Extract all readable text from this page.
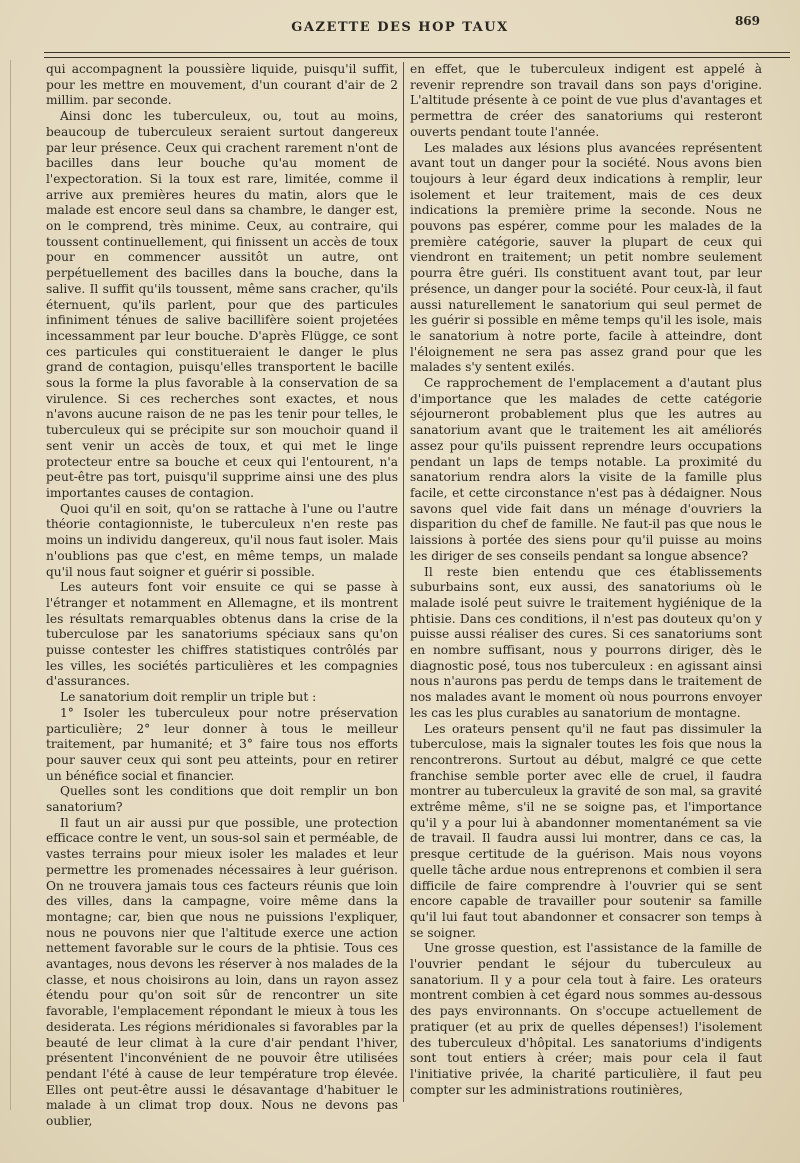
GAZETTE DES HOP TAUX	869

qui accompagnent la poussière liquide, puisqu'il suffit, pour les mettre en mouvement, d'un courant d'air de 2 millim. par seconde.

Ainsi donc les tuberculeux, ou, tout au moins, beaucoup de tuberculeux seraient surtout dangereux par leur présence. Ceux qui crachent rarement n'ont de bacilles dans leur bouche qu'au moment de l'expectoration. Si la toux est rare, limitée, comme il arrive aux premières heures du matin, alors que le malade est encore seul dans sa chambre, le danger est, on le comprend, très minime. Ceux, au contraire, qui toussent continuellement, qui finissent un accès de toux pour en commencer aussitôt un autre, ont perpétuellement des bacilles dans la bouche, dans la salive. Il suffit qu'ils toussent, même sans cracher, qu'ils éternuent, qu'ils parlent, pour que des particules infiniment ténues de salive bacillifère soient projetées incessamment par leur bouche. D'après Flügge, ce sont ces particules qui constitueraient le danger le plus grand de contagion, puisqu'elles transportent le bacille sous la forme la plus favorable à la conservation de sa virulence. Si ces recherches sont exactes, et nous n'avons aucune raison de ne pas les tenir pour telles, le tuberculeux qui se précipite sur son mouchoir quand il sent venir un accès de toux, et qui met le linge protecteur entre sa bouche et ceux qui l'entourent, n'a peut-être pas tort, puisqu'il supprime ainsi une des plus importantes causes de contagion.

Quoi qu'il en soit, qu'on se rattache à l'une ou l'autre théorie contagionniste, le tuberculeux n'en reste pas moins un individu dangereux, qu'il nous faut isoler. Mais n'oublions pas que c'est, en même temps, un malade qu'il nous faut soigner et guérir si possible.

Les auteurs font voir ensuite ce qui se passe à l'étranger et notamment en Allemagne, et ils montrent les résultats remarquables obtenus dans la crise de la tuberculose par les sanatoriums spéciaux sans qu'on puisse contester les chiffres statistiques contrôlés par les villes, les sociétés particulières et les compagnies d'assurances.

Le sanatorium doit remplir un triple but :

1° Isoler les tuberculeux pour notre préservation particulière; 2° leur donner à tous le meilleur traitement, par humanité; et 3° faire tous nos efforts pour sauver ceux qui sont peu atteints, pour en retirer un bénéfice social et financier.

Quelles sont les conditions que doit remplir un bon sanatorium?

Il faut un air aussi pur que possible, une protection efficace contre le vent, un sous-sol sain et perméable, de vastes terrains pour mieux isoler les malades et leur permettre les promenades nécessaires à leur guérison. On ne trouvera jamais tous ces facteurs réunis que loin des villes, dans la campagne, voire même dans la montagne; car, bien que nous ne puissions l'expliquer, nous ne pouvons nier que l'altitude exerce une action nettement favorable sur le cours de la phtisie. Tous ces avantages, nous devons les réserver à nos malades de la classe, et nous choisirons au loin, dans un rayon assez étendu pour qu'on soit sûr de rencontrer un site favorable, l'emplacement répondant le mieux à tous les desiderata. Les régions méridionales si favorables par la beauté de leur climat à la cure d'air pendant l'hiver, présentent l'inconvénient de ne pouvoir être utilisées pendant l'été à cause de leur température trop élevée. Elles ont peut-être aussi le désavantage d'habituer le malade à un climat trop doux. Nous ne devons pas oublier,

en effet, que le tuberculeux indigent est appelé à revenir reprendre son travail dans son pays d'origine. L'altitude présente à ce point de vue plus d'avantages et permettra de créer des sanatoriums qui resteront ouverts pendant toute l'année.

Les malades aux lésions plus avancées représentent avant tout un danger pour la société. Nous avons bien toujours à leur égard deux indications à remplir, leur isolement et leur traitement, mais de ces deux indications la première prime la seconde. Nous ne pouvons pas espérer, comme pour les malades de la première catégorie, sauver la plupart de ceux qui viendront en traitement; un petit nombre seulement pourra être guéri. Ils constituent avant tout, par leur présence, un danger pour la société. Pour ceux-là, il faut aussi naturellement le sanatorium qui seul permet de les guérir si possible en même temps qu'il les isole, mais le sanatorium à notre porte, facile à atteindre, dont l'éloignement ne sera pas assez grand pour que les malades s'y sentent exilés.

Ce rapprochement de l'emplacement a d'autant plus d'importance que les malades de cette catégorie séjourneront probablement plus que les autres au sanatorium avant que le traitement les ait améliorés assez pour qu'ils puissent reprendre leurs occupations pendant un laps de temps notable. La proximité du sanatorium rendra alors la visite de la famille plus facile, et cette circonstance n'est pas à dédaigner. Nous savons quel vide fait dans un ménage d'ouvriers la disparition du chef de famille. Ne faut-il pas que nous le laissions à portée des siens pour qu'il puisse au moins les diriger de ses conseils pendant sa longue absence?

Il reste bien entendu que ces établissements suburbains sont, eux aussi, des sanatoriums où le malade isolé peut suivre le traitement hygiénique de la phtisie. Dans ces conditions, il n'est pas douteux qu'on y puisse aussi réaliser des cures. Si ces sanatoriums sont en nombre suffisant, nous y pourrons diriger, dès le diagnostic posé, tous nos tuberculeux : en agissant ainsi nous n'aurons pas perdu de temps dans le traitement de nos malades avant le moment où nous pourrons envoyer les cas les plus curables au sanatorium de montagne.

Les orateurs pensent qu'il ne faut pas dissimuler la tuberculose, mais la signaler toutes les fois que nous la rencontrerons. Surtout au début, malgré ce que cette franchise semble porter avec elle de cruel, il faudra montrer au tuberculeux la gravité de son mal, sa gravité extrême même, s'il ne se soigne pas, et l'importance qu'il y a pour lui à abandonner momentanément sa vie de travail. Il faudra aussi lui montrer, dans ce cas, la presque certitude de la guérison. Mais nous voyons quelle tâche ardue nous entreprenons et combien il sera difficile de faire comprendre à l'ouvrier qui se sent encore capable de travailler pour soutenir sa famille qu'il lui faut tout abandonner et consacrer son temps à se soigner.

Une grosse question, est l'assistance de la famille de l'ouvrier pendant le séjour du tuberculeux au sanatorium. Il y a pour cela tout à faire. Les orateurs montrent combien à cet égard nous sommes au-dessous des pays environnants. On s'occupe actuellement de pratiquer (et au prix de quelles dépenses!) l'isolement des tuberculeux d'hôpital. Les sanatoriums d'indigents sont tout entiers à créer; mais pour cela il faut l'initiative privée, la charité particulière, il faut peu compter sur les administrations routinières,
